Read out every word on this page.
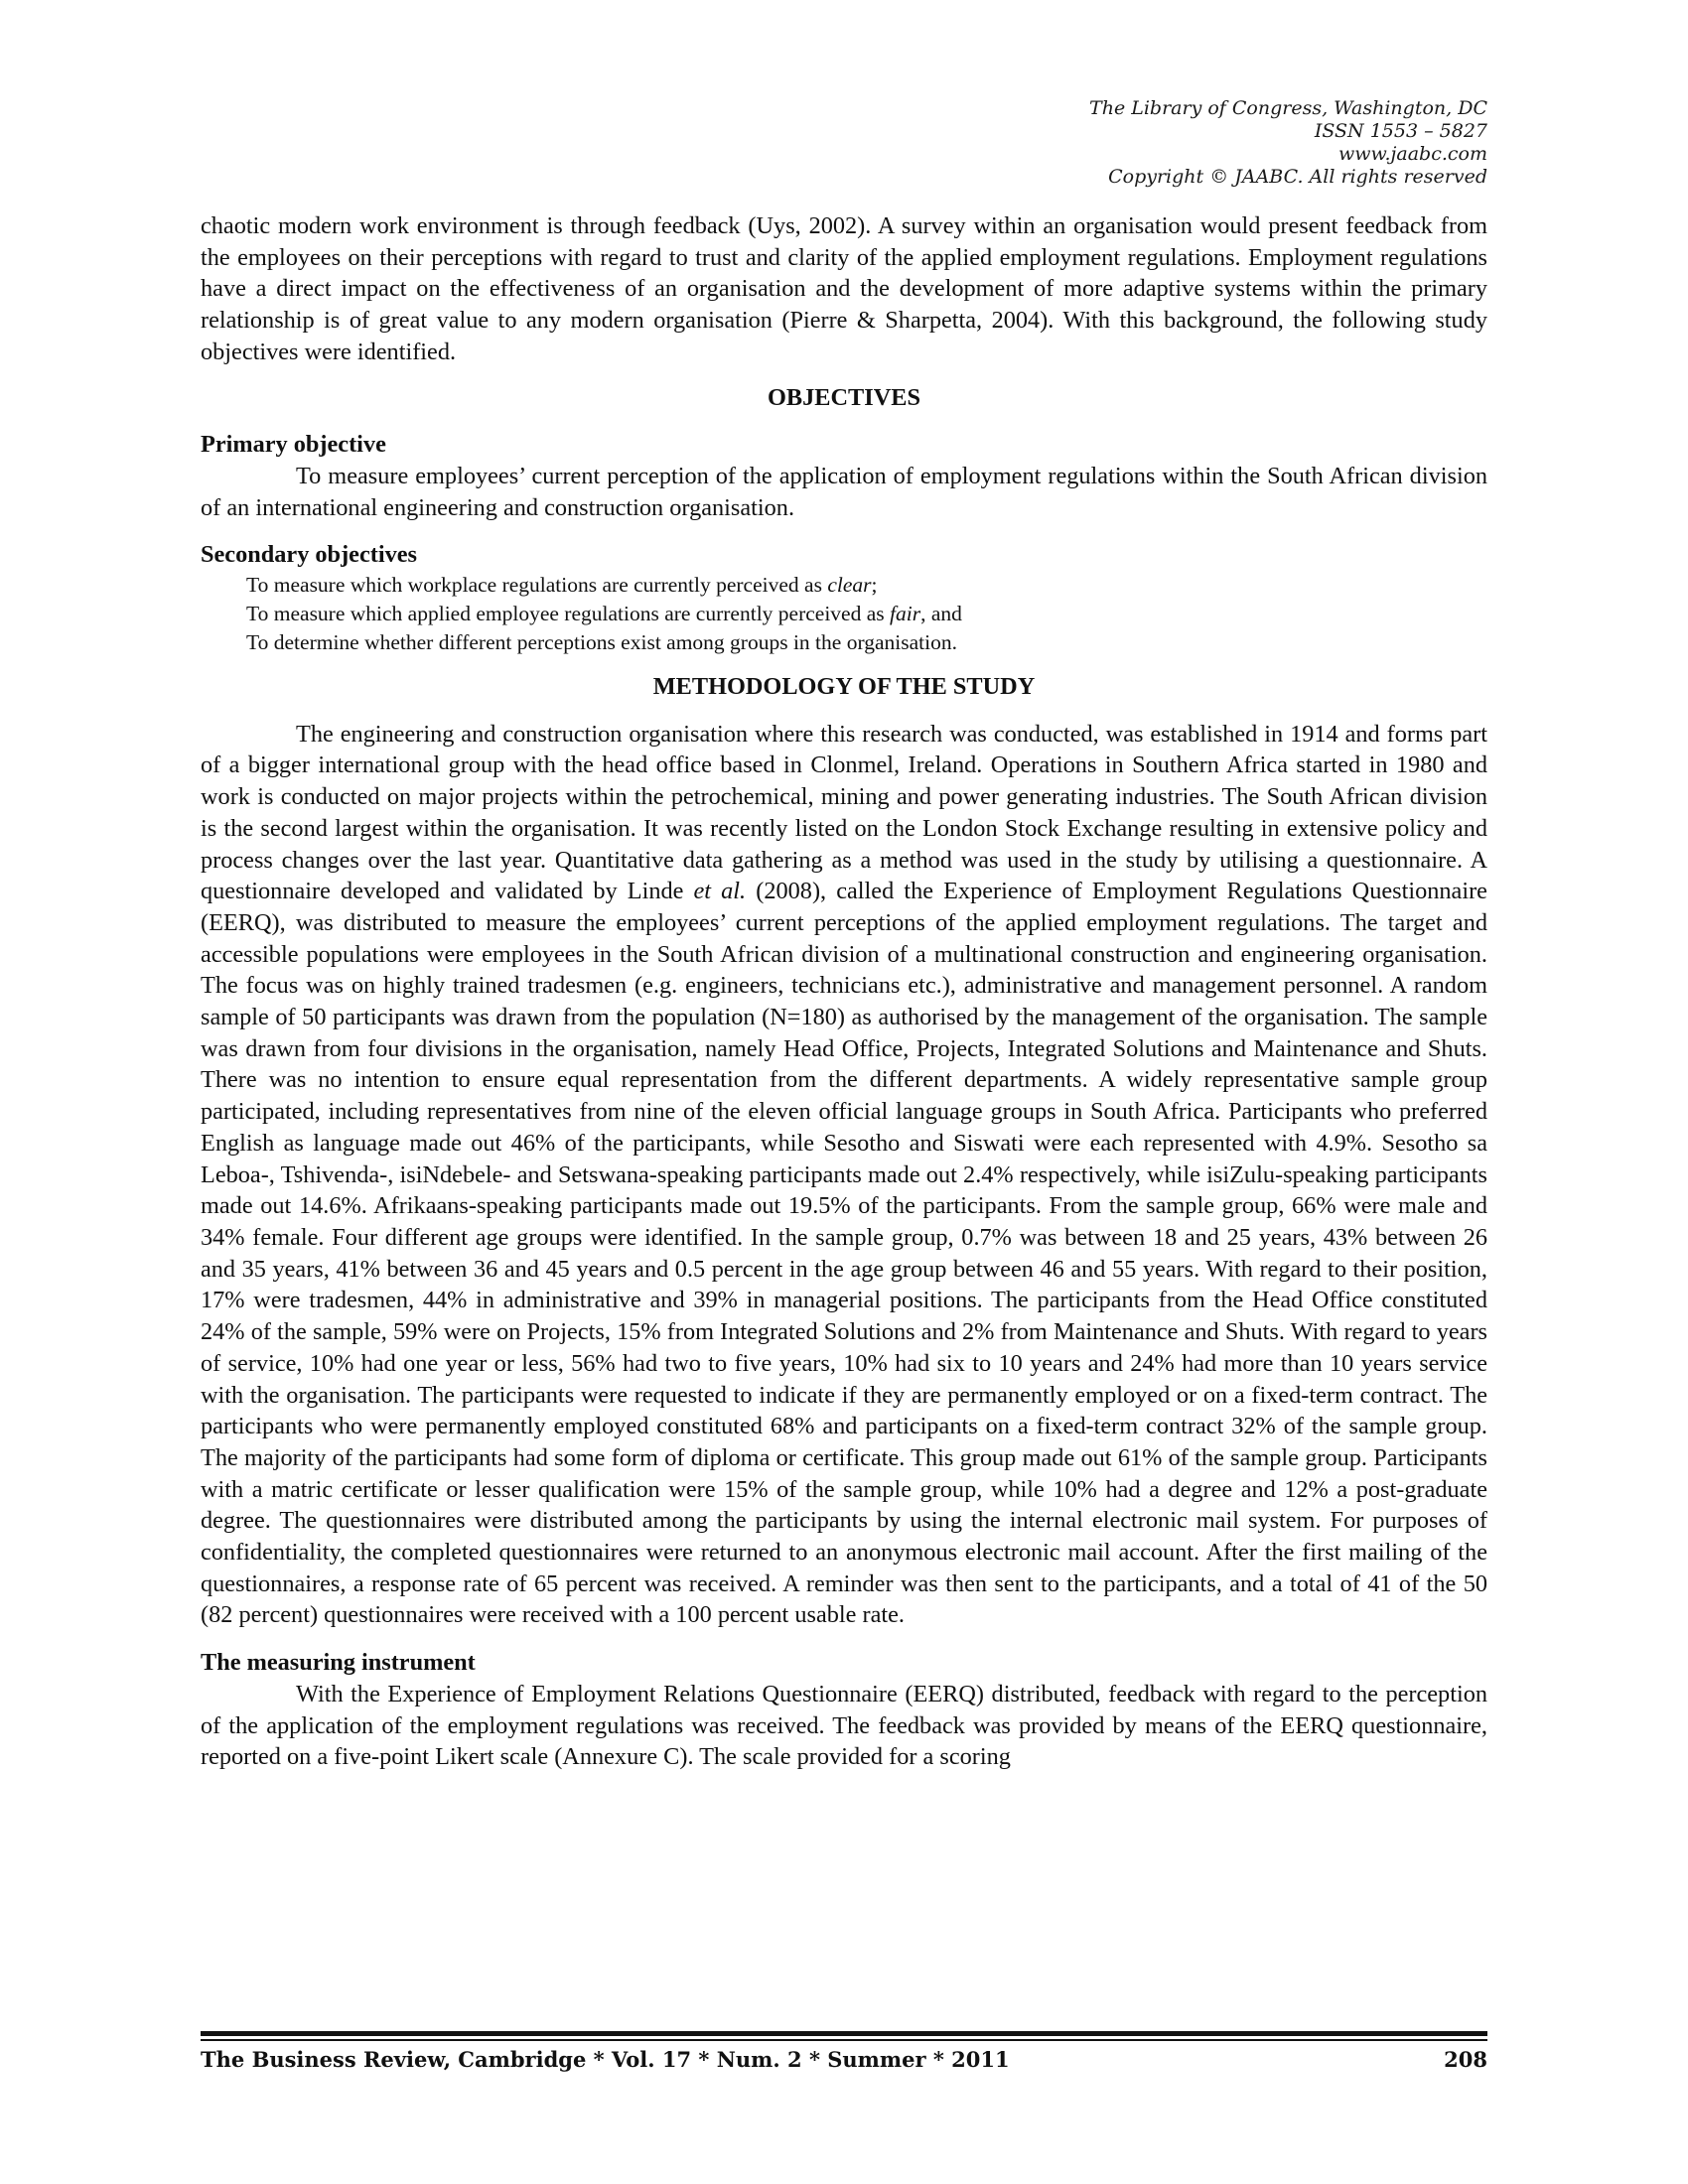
The Library of Congress, Washington, DC
ISSN 1553 – 5827
www.jaabc.com
Copyright © JAABC. All rights reserved

chaotic modern work environment is through feedback (Uys, 2002). A survey within an organisation would present feedback from the employees on their perceptions with regard to trust and clarity of the applied employment regulations. Employment regulations have a direct impact on the effectiveness of an organisation and the development of more adaptive systems within the primary relationship is of great value to any modern organisation (Pierre & Sharpetta, 2004). With this background, the following study objectives were identified.

OBJECTIVES
Primary objective

To measure employees’ current perception of the application of employment regulations within the South African division of an international engineering and construction organisation.

Secondary objectives
To measure which workplace regulations are currently perceived as clear;
To measure which applied employee regulations are currently perceived as fair, and
To determine whether different perceptions exist among groups in the organisation.
METHODOLOGY OF THE STUDY

The engineering and construction organisation where this research was conducted, was established in 1914 and forms part of a bigger international group with the head office based in Clonmel, Ireland. Operations in Southern Africa started in 1980 and work is conducted on major projects within the petrochemical, mining and power generating industries. The South African division is the second largest within the organisation. It was recently listed on the London Stock Exchange resulting in extensive policy and process changes over the last year. Quantitative data gathering as a method was used in the study by utilising a questionnaire. A questionnaire developed and validated by Linde et al. (2008), called the Experience of Employment Regulations Questionnaire (EERQ), was distributed to measure the employees’ current perceptions of the applied employment regulations. The target and accessible populations were employees in the South African division of a multinational construction and engineering organisation. The focus was on highly trained tradesmen (e.g. engineers, technicians etc.), administrative and management personnel. A random sample of 50 participants was drawn from the population (N=180) as authorised by the management of the organisation. The sample was drawn from four divisions in the organisation, namely Head Office, Projects, Integrated Solutions and Maintenance and Shuts. There was no intention to ensure equal representation from the different departments. A widely representative sample group participated, including representatives from nine of the eleven official language groups in South Africa. Participants who preferred English as language made out 46% of the participants, while Sesotho and Siswati were each represented with 4.9%. Sesotho sa Leboa-, Tshivenda-, isiNdebele- and Setswana-speaking participants made out 2.4% respectively, while isiZulu-speaking participants made out 14.6%. Afrikaans-speaking participants made out 19.5% of the participants. From the sample group, 66% were male and 34% female. Four different age groups were identified. In the sample group, 0.7% was between 18 and 25 years, 43% between 26 and 35 years, 41% between 36 and 45 years and 0.5 percent in the age group between 46 and 55 years. With regard to their position, 17% were tradesmen, 44% in administrative and 39% in managerial positions. The participants from the Head Office constituted 24% of the sample, 59% were on Projects, 15% from Integrated Solutions and 2% from Maintenance and Shuts. With regard to years of service, 10% had one year or less, 56% had two to five years, 10% had six to 10 years and 24% had more than 10 years service with the organisation. The participants were requested to indicate if they are permanently employed or on a fixed-term contract. The participants who were permanently employed constituted 68% and participants on a fixed-term contract 32% of the sample group. The majority of the participants had some form of diploma or certificate. This group made out 61% of the sample group. Participants with a matric certificate or lesser qualification were 15% of the sample group, while 10% had a degree and 12% a post-graduate degree. The questionnaires were distributed among the participants by using the internal electronic mail system. For purposes of confidentiality, the completed questionnaires were returned to an anonymous electronic mail account. After the first mailing of the questionnaires, a response rate of 65 percent was received. A reminder was then sent to the participants, and a total of 41 of the 50 (82 percent) questionnaires were received with a 100 percent usable rate.

The measuring instrument

With the Experience of Employment Relations Questionnaire (EERQ) distributed, feedback with regard to the perception of the application of the employment regulations was received. The feedback was provided by means of the EERQ questionnaire, reported on a five-point Likert scale (Annexure C). The scale provided for a scoring

The Business Review, Cambridge * Vol. 17 * Num. 2 * Summer * 2011	208
